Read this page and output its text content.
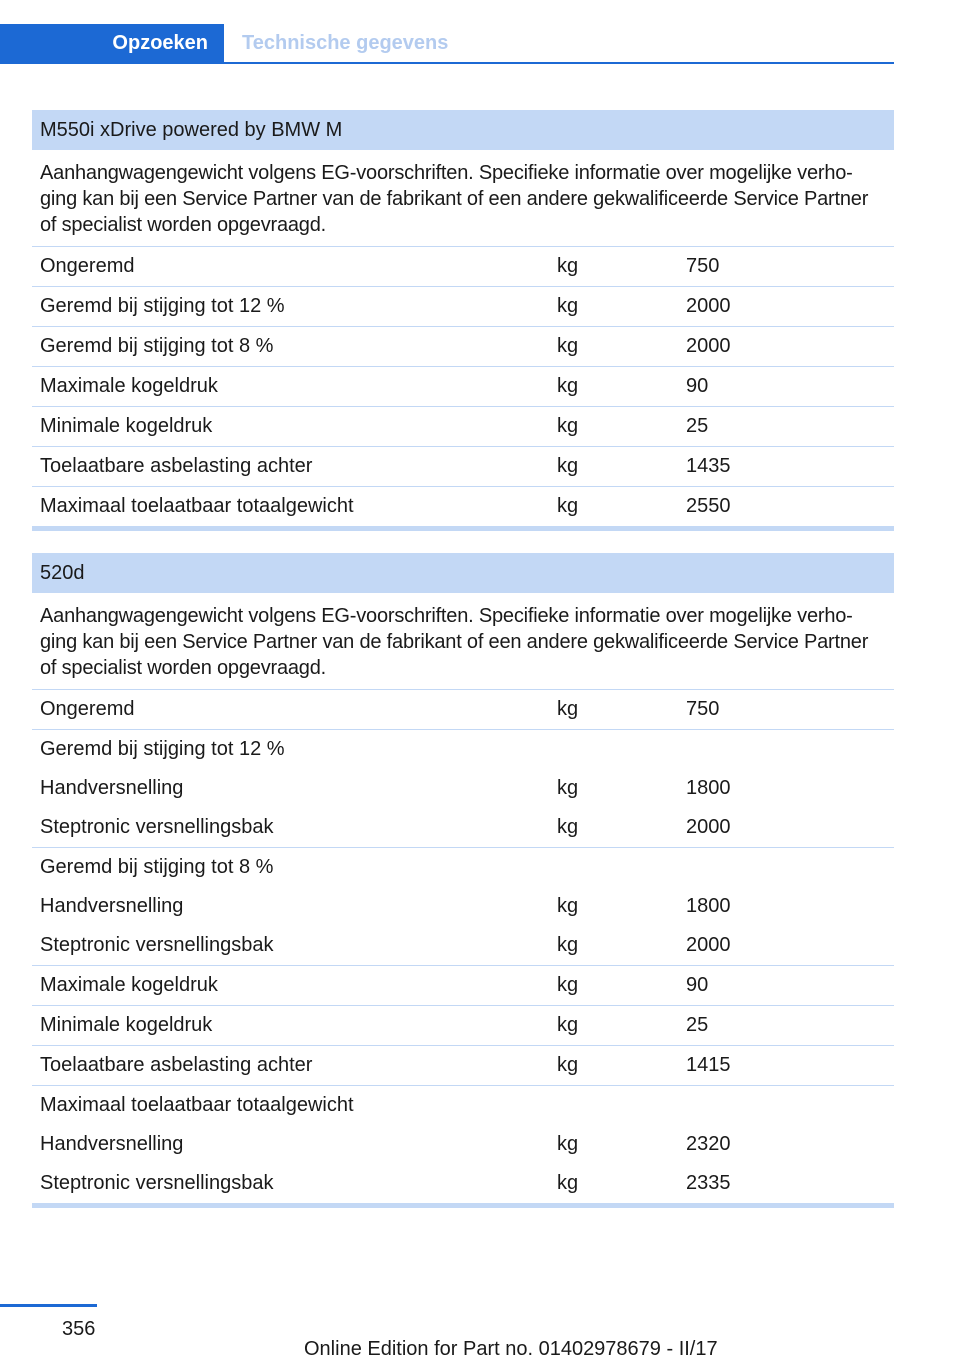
Opzoeken	Technische gegevens
M550i xDrive powered by BMW M
Aanhangwagengewicht volgens EG-voorschriften. Specifieke informatie over mogelijke verho-ging kan bij een Service Partner van de fabrikant of een andere gekwalificeerde Service Partner of specialist worden opgevraagd.
Ongeremd	kg	750
Geremd bij stijging tot 12 %	kg	2000
Geremd bij stijging tot 8 %	kg	2000
Maximale kogeldruk	kg	90
Minimale kogeldruk	kg	25
Toelaatbare asbelasting achter	kg	1435
Maximaal toelaatbaar totaalgewicht	kg	2550
520d
Aanhangwagengewicht volgens EG-voorschriften. Specifieke informatie over mogelijke verho-ging kan bij een Service Partner van de fabrikant of een andere gekwalificeerde Service Partner of specialist worden opgevraagd.
Ongeremd	kg	750
Geremd bij stijging tot 12 %
Handversnelling	kg	1800
Steptronic versnellingsbak	kg	2000
Geremd bij stijging tot 8 %
Handversnelling	kg	1800
Steptronic versnellingsbak	kg	2000
Maximale kogeldruk	kg	90
Minimale kogeldruk	kg	25
Toelaatbare asbelasting achter	kg	1415
Maximaal toelaatbaar totaalgewicht
Handversnelling	kg	2320
Steptronic versnellingsbak	kg	2335
356
Online Edition for Part no. 01402978679 - II/17
